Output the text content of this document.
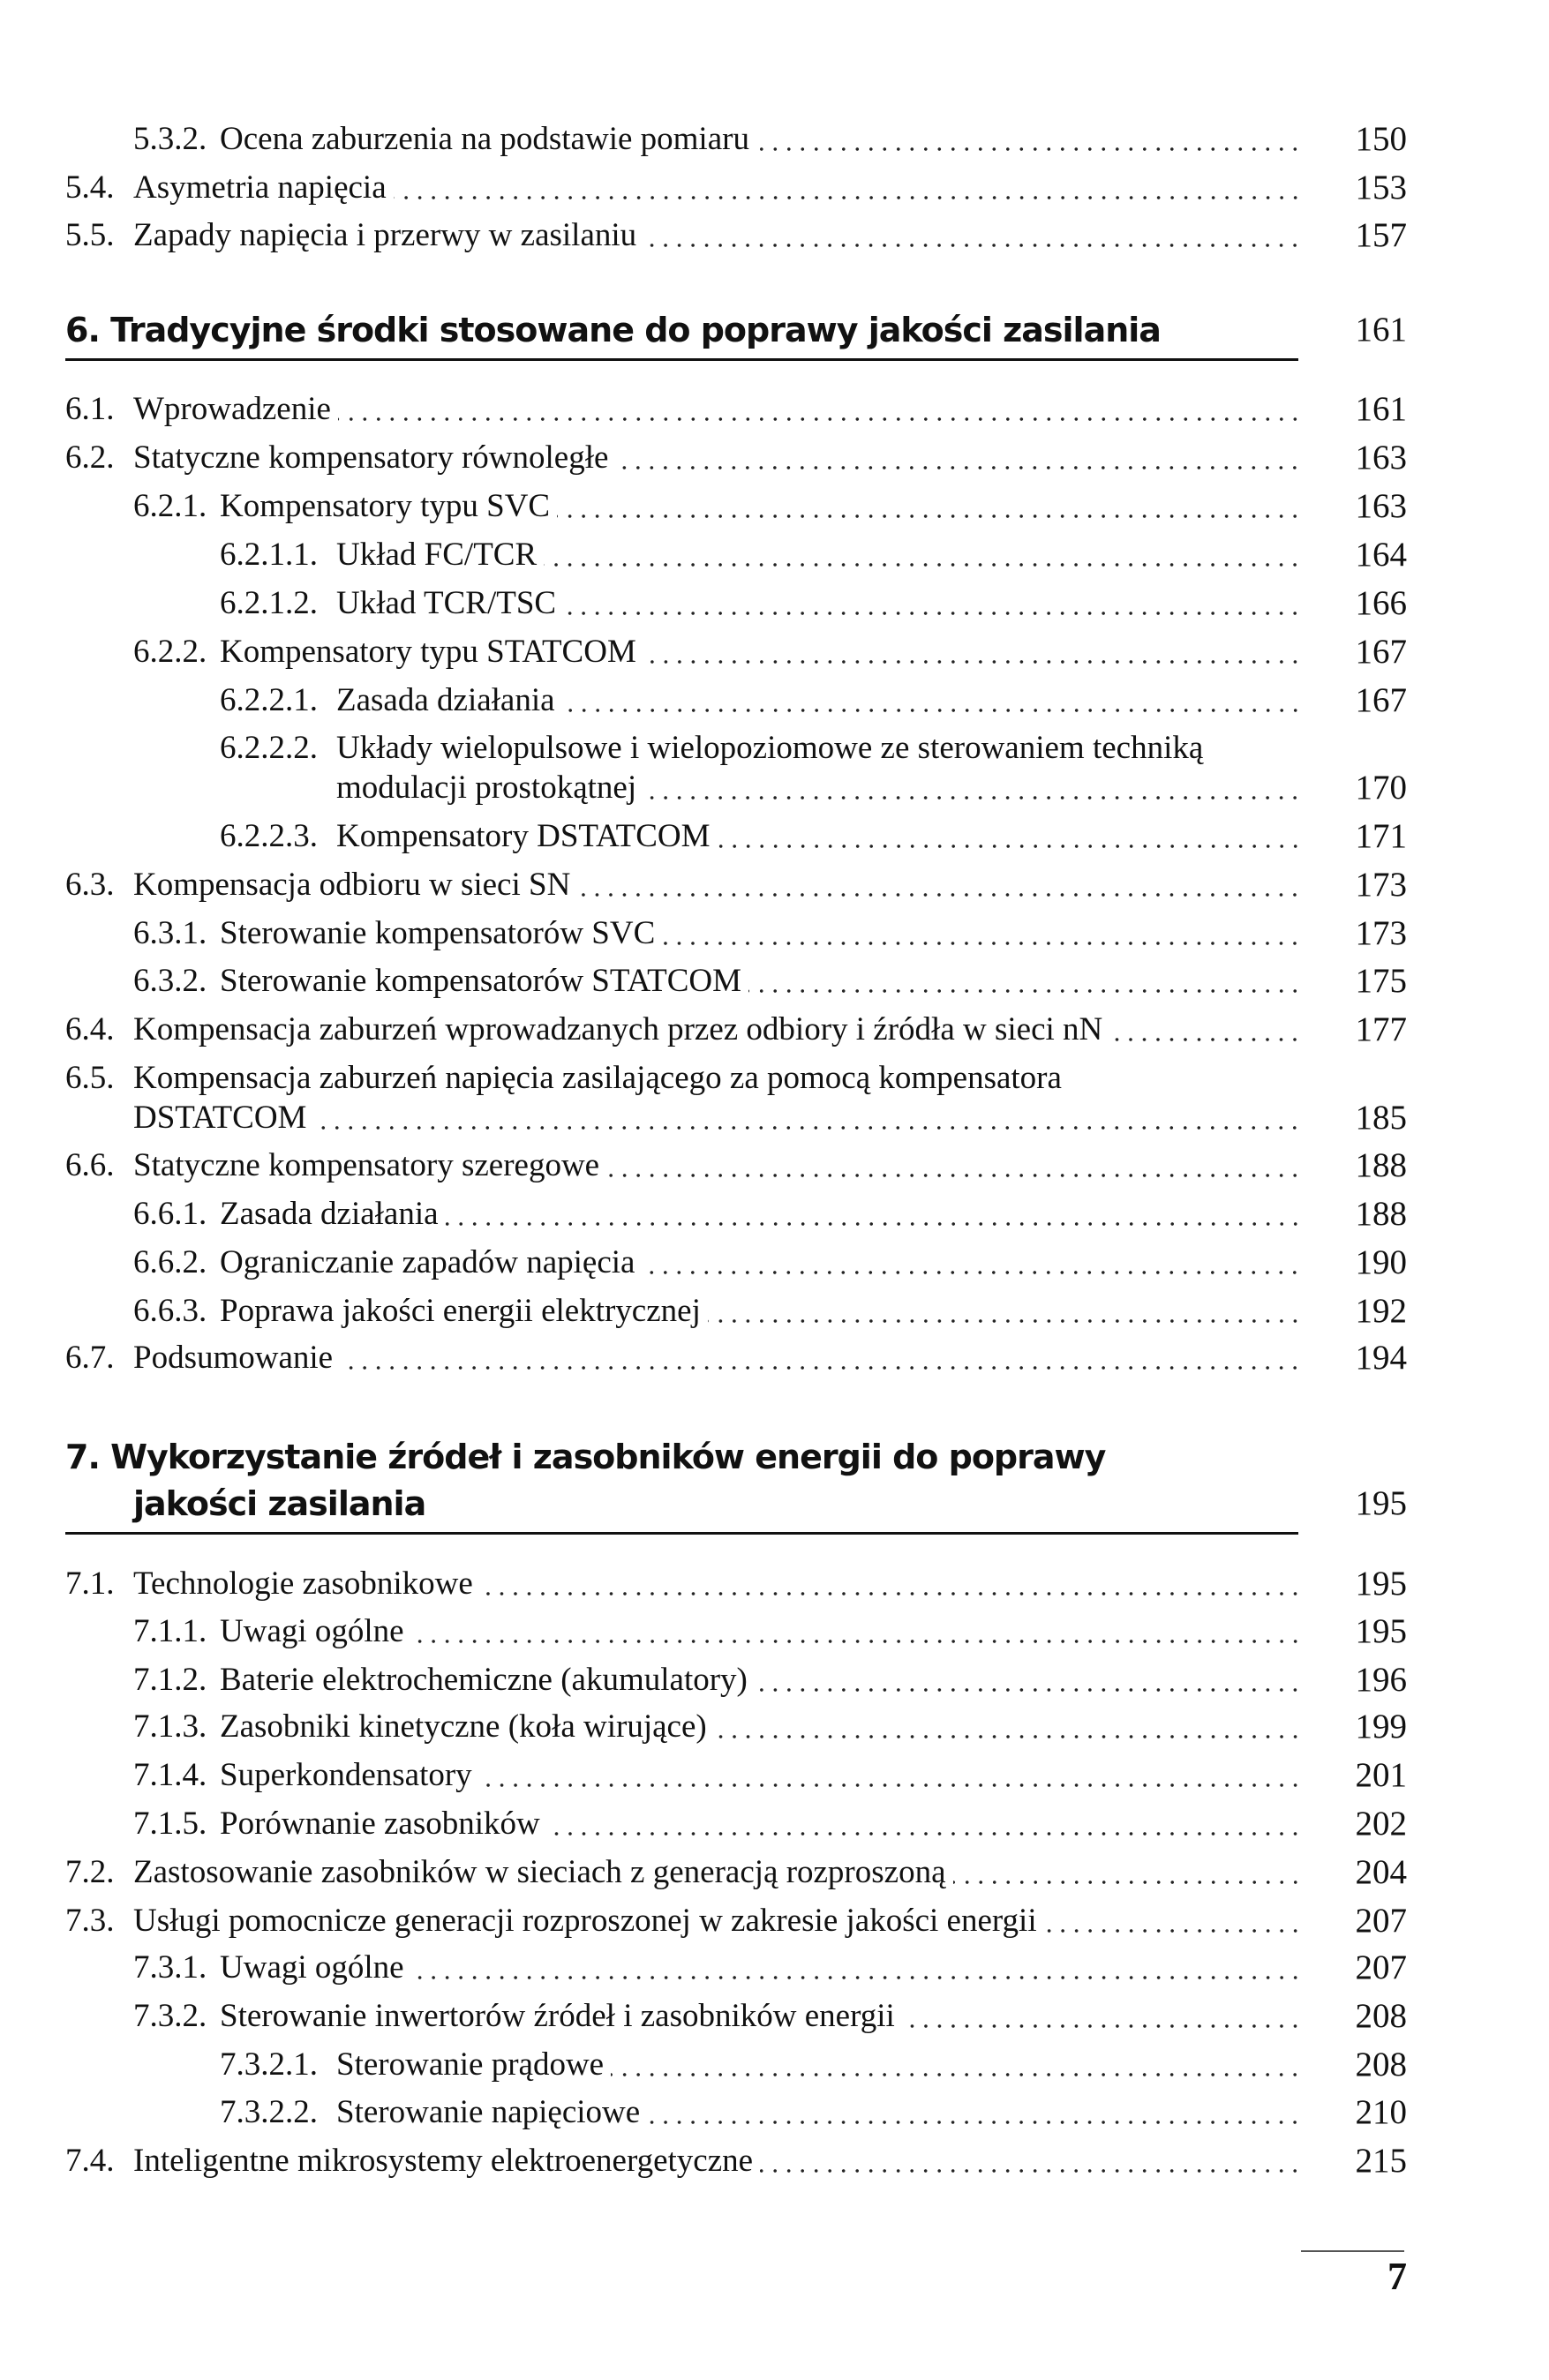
150
5.3.2. Ocena zaburzenia na podstawie pomiaru
153
5.4. Asymetria napięcia
157
5.5. Zapady napięcia i przerwy w zasilaniu
6. Tradycyjne środki stosowane do poprawy jakości zasilania	161
161
6.1. Wprowadzenie
163
6.2. Statyczne kompensatory równoległe
163
6.2.1. Kompensatory typu SVC
164
6.2.1.1. Układ FC/TCR
166
6.2.1.2. Układ TCR/TSC
167
6.2.2. Kompensatory typu STATCOM
167
6.2.2.1. Zasada działania
6.2.2.2. Układy wielopulsowe i wielopoziomowe ze sterowaniem techniką
170
modulacji prostokątnej
171
6.2.2.3. Kompensatory DSTATCOM
173
6.3. Kompensacja odbioru w sieci SN
173
6.3.1. Sterowanie kompensatorów SVC
175
6.3.2. Sterowanie kompensatorów STATCOM
177
6.4. Kompensacja zaburzeń wprowadzanych przez odbiory i źródła w sieci nN
6.5. Kompensacja zaburzeń napięcia zasilającego za pomocą kompensatora
185
DSTATCOM
188
6.6. Statyczne kompensatory szeregowe
188
6.6.1. Zasada działania
190
6.6.2. Ograniczanie zapadów napięcia
192
6.6.3. Poprawa jakości energii elektrycznej
194
6.7. Podsumowanie
7. Wykorzystanie źródeł i zasobników energii do poprawy
jakości zasilania	195
195
7.1. Technologie zasobnikowe
195
7.1.1. Uwagi ogólne
196
7.1.2. Baterie elektrochemiczne (akumulatory)
199
7.1.3. Zasobniki kinetyczne (koła wirujące)
201
7.1.4. Superkondensatory
202
7.1.5. Porównanie zasobników
204
7.2. Zastosowanie zasobników w sieciach z generacją rozproszoną
207
7.3. Usługi pomocnicze generacji rozproszonej w zakresie jakości energii
207
7.3.1. Uwagi ogólne
208
7.3.2. Sterowanie inwertorów źródeł i zasobników energii
208
7.3.2.1. Sterowanie prądowe
210
7.3.2.2. Sterowanie napięciowe
215
7.4. Inteligentne mikrosystemy elektroenergetyczne
7
